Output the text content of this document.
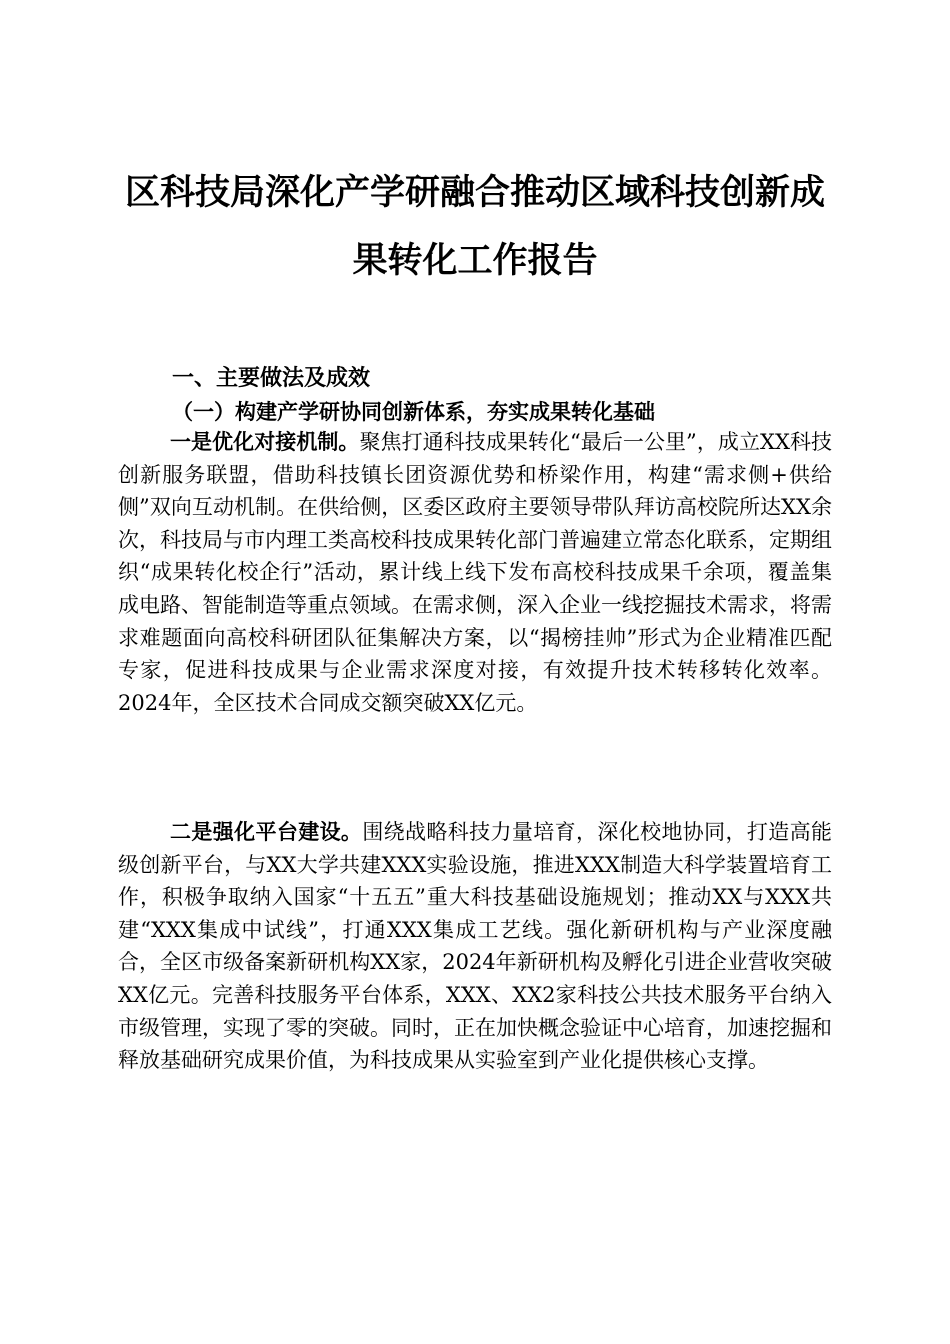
区科技局深化产学研融合推动区域科技创新成
果转化工作报告
一、主要做法及成效
（一）构建产学研协同创新体系，夯实成果转化基础

一是优化对接机制。聚焦打通科技成果转化“最后一公里”，成立XX科技创新服务联盟，借助科技镇长团资源优势和桥梁作用，构建“需求侧+供给侧”双向互动机制。在供给侧，区委区政府主要领导带队拜访高校院所达XX余次，科技局与市内理工类高校科技成果转化部门普遍建立常态化联系，定期组织“成果转化校企行”活动，累计线上线下发布高校科技成果千余项，覆盖集成电路、智能制造等重点领域。在需求侧，深入企业一线挖掘技术需求，将需求难题面向高校科研团队征集解决方案，以“揭榜挂帅”形式为企业精准匹配专家，促进科技成果与企业需求深度对接，有效提升技术转移转化效率。2024年，全区技术合同成交额突破XX亿元。

二是强化平台建设。围绕战略科技力量培育，深化校地协同，打造高能级创新平台，与XX大学共建XXX实验设施，推进XXX制造大科学装置培育工作，积极争取纳入国家“十五五”重大科技基础设施规划；推动XX与XXX共建“XXX集成中试线”，打通XXX集成工艺线。强化新研机构与产业深度融合，全区市级备案新研机构XX家，2024年新研机构及孵化引进企业营收突破XX亿元。完善科技服务平台体系，XXX、XX2家科技公共技术服务平台纳入市级管理，实现了零的突破。同时，正在加快概念验证中心培育，加速挖掘和释放基础研究成果价值，为科技成果从实验室到产业化提供核心支撑。
